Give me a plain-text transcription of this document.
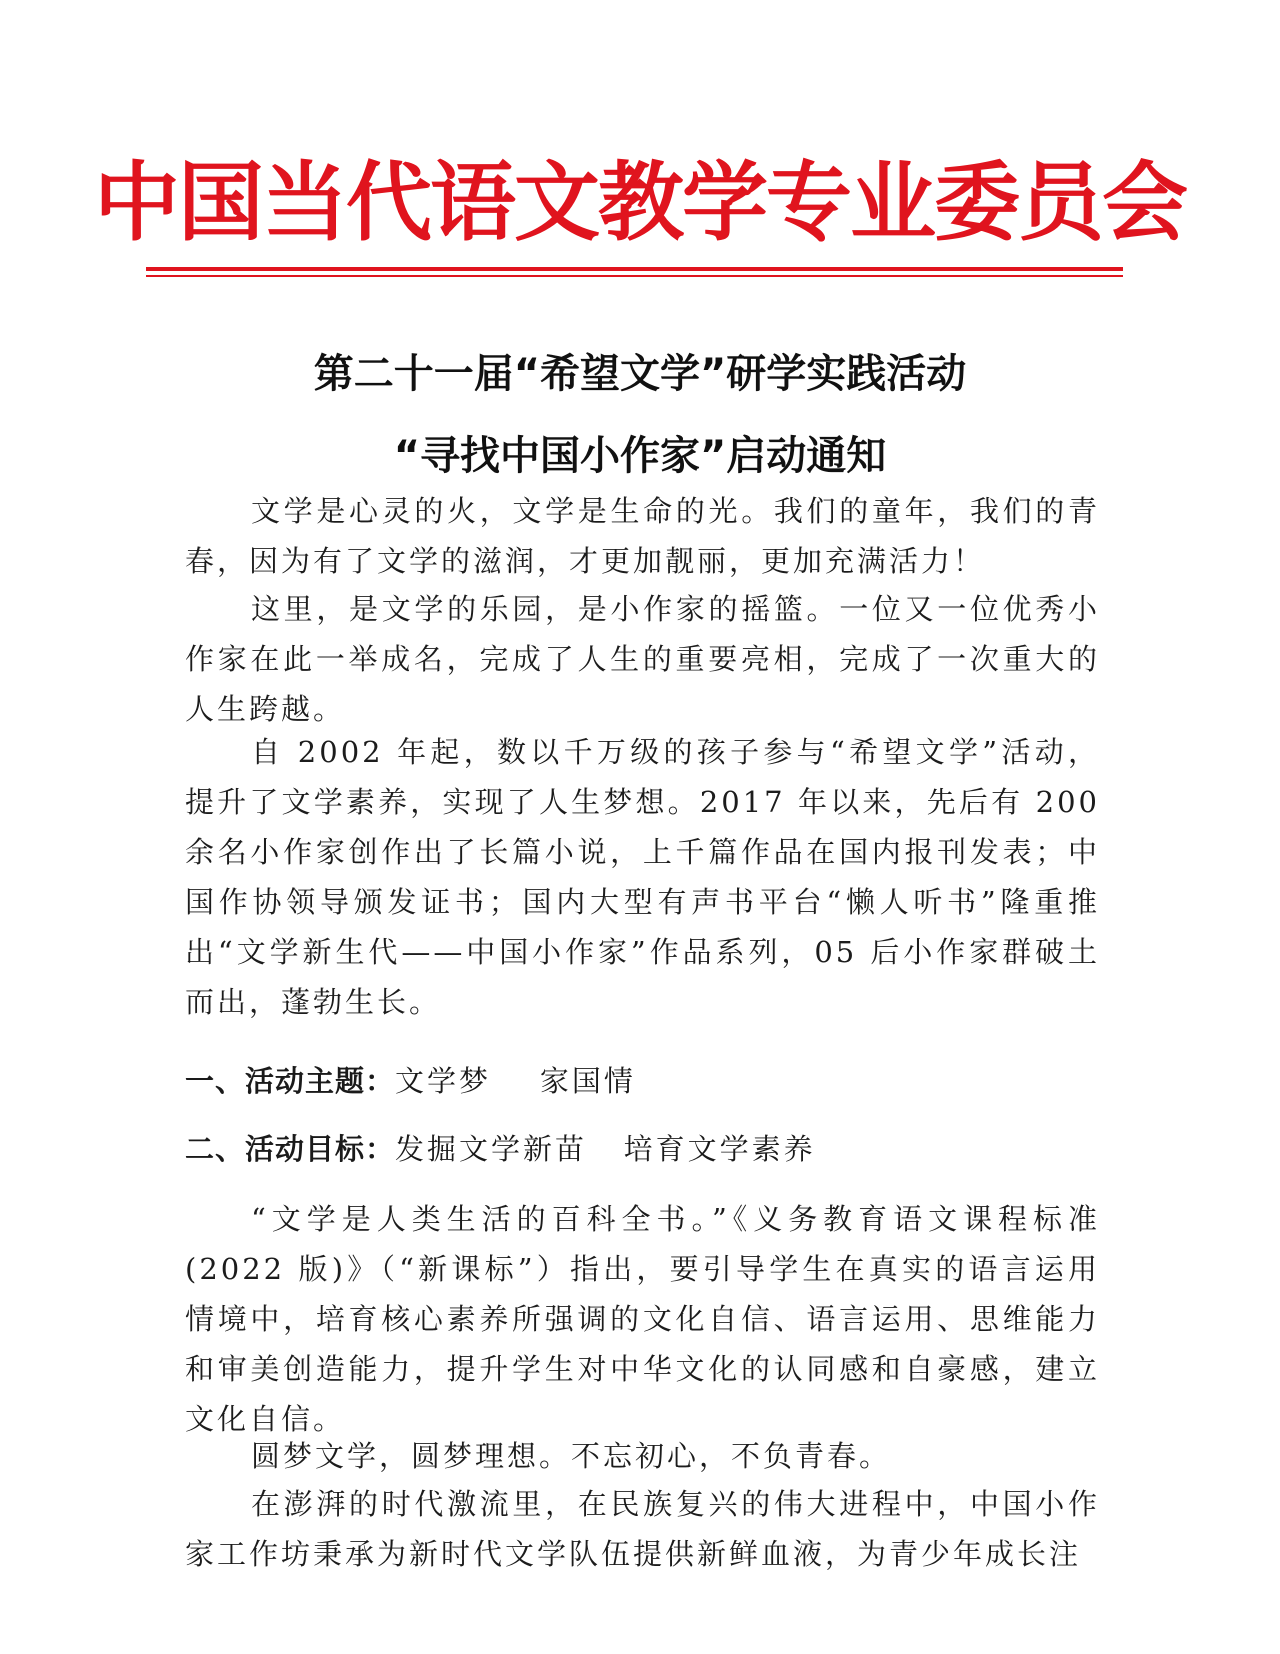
中国当代语文教学专业委员会
第二十一届“希望文学”研学实践活动
“寻找中国小作家”启动通知

文学是心灵的火，文学是生命的光。我们的童年，我们的青春，因为有了文学的滋润，才更加靓丽，更加充满活力！

这里，是文学的乐园，是小作家的摇篮。一位又一位优秀小作家在此一举成名，完成了人生的重要亮相，完成了一次重大的人生跨越。

自 2002 年起，数以千万级的孩子参与“希望文学”活动，提升了文学素养，实现了人生梦想。2017 年以来，先后有 200 余名小作家创作出了长篇小说，上千篇作品在国内报刊发表；中国作协领导颁发证书；国内大型有声书平台“懒人听书”隆重推出“文学新生代——中国小作家”作品系列，05 后小作家群破土而出，蓬勃生长。

一、活动主题：文学梦    家国情

二、活动目标：发掘文学新苗   培育文学素养

“文学是人类生活的百科全书。”《义务教育语文课程标准(2022 版)》（“新课标”）指出，要引导学生在真实的语言运用情境中，培育核心素养所强调的文化自信、语言运用、思维能力和审美创造能力，提升学生对中华文化的认同感和自豪感，建立文化自信。

圆梦文学，圆梦理想。不忘初心，不负青春。

在澎湃的时代激流里，在民族复兴的伟大进程中，中国小作家工作坊秉承为新时代文学队伍提供新鲜血液，为青少年成长注
